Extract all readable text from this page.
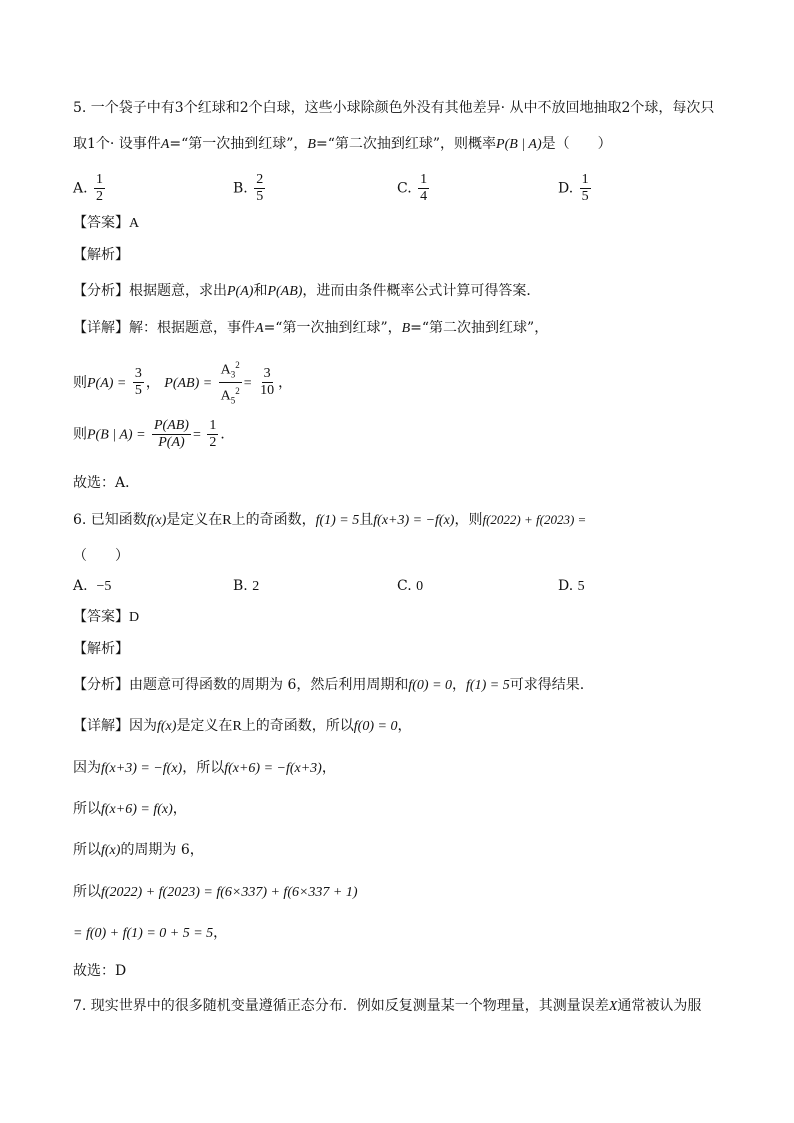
5. 一个袋子中有3个红球和2个白球，这些小球除颜色外没有其他差异· 从中不放回地抽取2个球，每次只
取1个· 设事件A=“第一次抽到红球”，B=“第二次抽到红球”，则概率P(B | A)是（　　）
A. $\frac{1}{2}$	B. $\frac{2}{5}$	C. $\frac{1}{4}$	D. $\frac{1}{5}$
【答案】A
【解析】
【分析】根据题意，求出P(A)和P(AB)，进而由条件概率公式计算可得答案．
【详解】解：根据题意，事件A=“第一次抽到红球”，B=“第二次抽到红球”，
则$P(A) = \frac{3}{5}$ ， $P(AB) = \frac{A_3^2}{A_5^2} = \frac{3}{10}$ ，
则P(B | $A) = \frac{P(AB)}{P(A)} = \frac{1}{2}$ ．
故选：A．
6. 已知函数f(x)是定义在R上的奇函数，f(1) = 5且f(x+3) = −f(x)，则f(2022) + f(2023) =
（　　）
A. −5	B. 2	C. 0	D. 5
【答案】D
【解析】
【分析】由题意可得函数的周期为 6，然后利用周期和f(0) = 0，f(1) = 5可求得结果.
【详解】因为f(x)是定义在R上的奇函数，所以f(0) = 0，
因为f(x+3) = −f(x)，所以f(x+6) = −f(x+3)，
所以f(x+6) = f(x)，
所以f(x)的周期为 6，
所以f(2022) + f(2023) = f(6×337) + f(6×337 + 1)
= f(0) + f(1) = 0 + 5 = 5，
故选：D
7. 现实世界中的很多随机变量遵循正态分布．例如反复测量某一个物理量，其测量误差X通常被认为服
